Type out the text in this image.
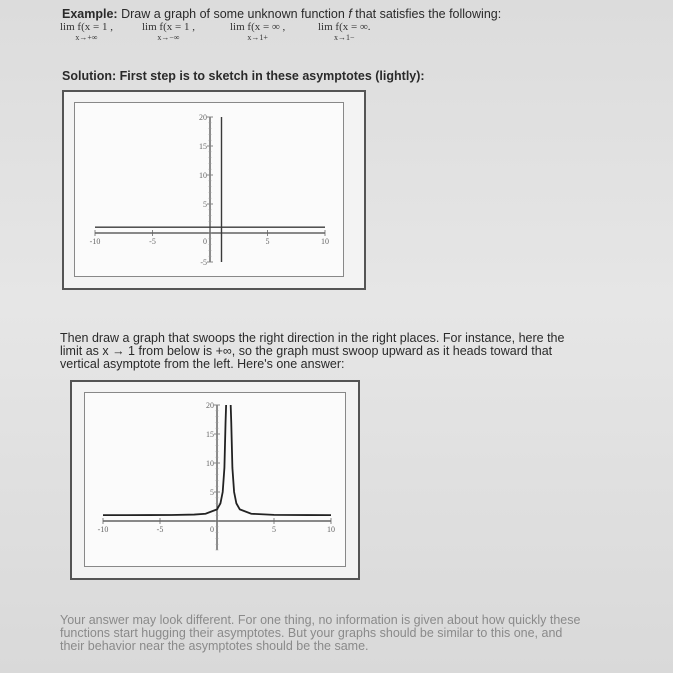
Example: Draw a graph of some unknown function f that satisfies the following:
lim f(x = 1 ,
x→+∞
lim f(x = 1 ,
x→−∞
lim f(x = ∞ ,
x→1+
lim f(x = ∞.
x→1−
Solution: First step is to sketch in these asymptotes (lightly):
-10	-5	5	10
20
15
10
5
-5
0
Then draw a graph that swoops the right direction in the right places. For instance, here the
limit as x → 1 from below is +∞, so the graph must swoop upward as it heads toward that
vertical asymptote from the left. Here's one answer:
-10	-5	5	10
20
15
10
5
0
Your answer may look different. For one thing, no information is given about how quickly these
functions start hugging their asymptotes. But your graphs should be similar to this one, and
their behavior near the asymptotes should be the same.
